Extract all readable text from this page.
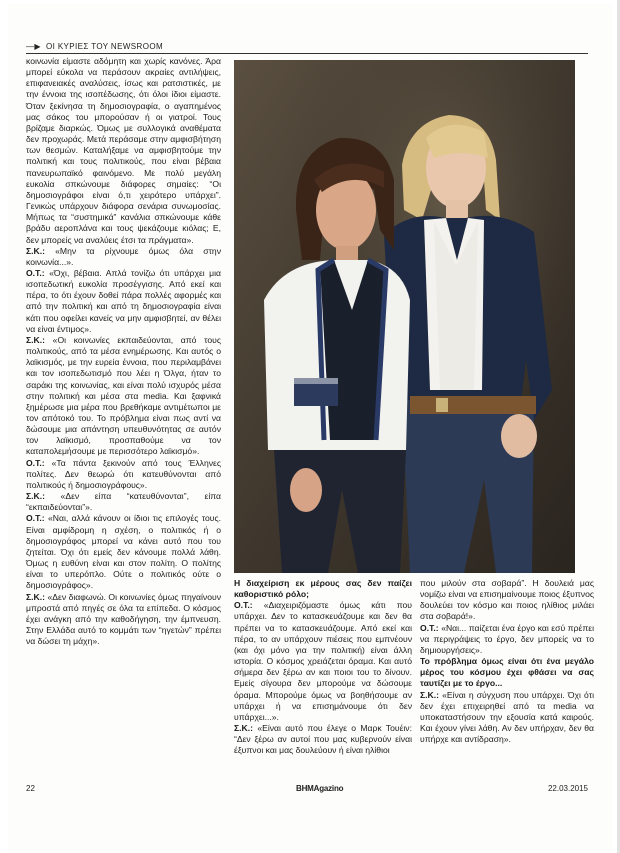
—▶ ΟΙ ΚΥΡΙΕΣ ΤΟΥ NEWSROOM

κοινωνία είμαστε αδόμητη και χωρίς κανόνες. Άρα μπορεί εύκολα να περάσουν ακραίες αντιλήψεις, επιφανειακές αναλύσεις, ίσως και ρατσιστικές, με την έννοια της ισοπέδωσης, ότι όλοι ίδιοι είμαστε. Όταν ξεκίνησα τη δημοσιογραφία, ο αγαπημένος μας σάκος του μπορούσαν ή οι γιατροί. Τους βρίζαμε διαρκώς. Όμως με συλλογικά αναθέματα δεν προχωράς. Μετά περάσαμε στην αμφισβήτηση των θεσμών. Καταλήξαμε να αμφισβητούμε την πολιτική και τους πολιτικούς, που είναι βέβαια πανευρωπαϊκό φαινόμενο. Με πολύ μεγάλη ευκολία σπκώνουμε διάφορες σημαίες: “Οι δημοσιογράφοι είναι ό,τι χειρότερο υπάρχει”. Γενικώς υπάρχουν διάφορα σενάρια συνωμοσίας. Μήπως τα “συστημικά” κανάλια σπκώνουμε κάθε βράδυ αεροπλάνα και τους ψεκάζουμε κιόλας; Ε, δεν μπορείς να αναλύεις έτσι τα πράγματα».

Σ.Κ.: «Μην τα ρίχνουμε όμως όλα στην κοινωνία...».

Ο.Τ.: «Όχι, βέβαια. Απλά τονίζω ότι υπάρχει μια ισοπεδωτική ευκολία προσέγγισης. Από εκεί και πέρα, το ότι έχουν δοθεί πάρα πολλές αφορμές και από την πολιτική και από τη δημοσιογραφία είναι κάτι που οφείλει κανείς να μην αμφισβητεί, αν θέλει να είναι έντιμος».

Σ.Κ.: «Οι κοινωνίες εκπαιδεύονται, από τους πολιτικούς, από τα μέσα ενημέρωσης. Και αυτός ο λαϊκισμός, με την ευρεία έννοια, που περιλαμβάνει και τον ισοπεδωτισμό που λέει η Όλγα, ήταν το σαράκι της κοινωνίας, και είναι πολύ ισχυρός μέσα στην πολιτική και μέσα στα media. Και ξαφνικά ξημέρωσε μια μέρα που βρεθήκαμε αντιμέτωποι με τον απότοκό του. Το πρόβλημα είναι πως αντί να δώσουμε μια απάντηση υπευθυνότητας σε αυτόν τον λαϊκισμό, προσπαθούμε να τον καταπολεμήσουμε με περισσότερο λαϊκισμό».

Ο.Τ.: «Τα πάντα ξεκινούν από τους Έλληνες πολίτες. Δεν θεωρώ ότι κατευθύνονται από πολιτικούς ή δημοσιογράφους».

Σ.Κ.: «Δεν είπα “κατευθύνονται”, είπα “εκπαιδεύονται”».

Ο.Τ.: «Ναι, αλλά κάνουν οι ίδιοι τις επιλογές τους. Είναι αμφίδρομη η σχέση, ο πολιτικός ή ο δημοσιογράφος μπορεί να κάνει αυτό που του ζητείται. Όχι ότι εμείς δεν κάνουμε πολλά λάθη. Όμως η ευθύνη είναι και στον πολίτη. Ο πολίτης είναι το υπερόπλο. Ούτε ο πολιτικός ούτε ο δημοσιογράφος».

Σ.Κ.: «Δεν διαφωνώ. Οι κοινωνίες όμως πηγαίνουν μπροστά από πηγές σε όλα τα επίπεδα. Ο κόσμος έχει ανάγκη από την καθοδήγηση, την έμπνευση. Στην Ελλάδα αυτό το κομμάτι των “ηγετών” πρέπει να δώσει τη μάχη».

Η διαχείριση εκ μέρους σας δεν παίζει καθοριστικό ρόλο;

Ο.Τ.: «Διαχειριζόμαστε όμως κάτι που υπάρχει. Δεν το κατασκευάζουμε και δεν θα πρέπει να το κατασκευάζουμε. Από εκεί και πέρα, το αν υπάρχουν πιέσεις που εμπνέουν (και όχι μόνο για την πολιτική) είναι άλλη ιστορία. Ο κόσμος χρειάζεται όραμα. Και αυτό σήμερα δεν ξέρω αν και ποιοι του το δίνουν. Εμείς σίγουρα δεν μπορούμε να δώσουμε όραμα. Μπορούμε όμως να βοηθήσουμε αν υπάρχει ή να επισημάνουμε ότι δεν υπάρχει...».

Σ.Κ.: «Είναι αυτό που έλεγε ο Μαρκ Τουέιν: “Δεν ξέρω αν αυτοί που μας κυβερνούν είναι έξυπνοι και μας δουλεύουν ή είναι ηλίθιοι

που μιλούν στα σοβαρά”. Η δουλειά μας νομίζω είναι να επισημαίνουμε ποιος έξυπνος δουλεύει τον κόσμο και ποιος ηλίθιος μιλάει στα σοβαρά!».

Ο.Τ.: «Ναι... παίζεται ένα έργο και εσύ πρέπει να περιγράψεις το έργο, δεν μπορείς να το δημιουργήσεις».

Το πρόβλημα όμως είναι ότι ένα μεγάλο μέρος του κόσμου έχει φθάσει να σας ταυτίζει με το έργο...

Σ.Κ.: «Είναι η σύγχυση που υπάρχει. Όχι ότι δεν έχει επιχειρηθεί από τα media να υποκαταστήσουν την εξουσία κατά καιρούς. Και έχουν γίνει λάθη. Αν δεν υπήρχαν, δεν θα υπήρχε και αντίδραση».

22	ΒΗΜAgazino	22.03.2015
